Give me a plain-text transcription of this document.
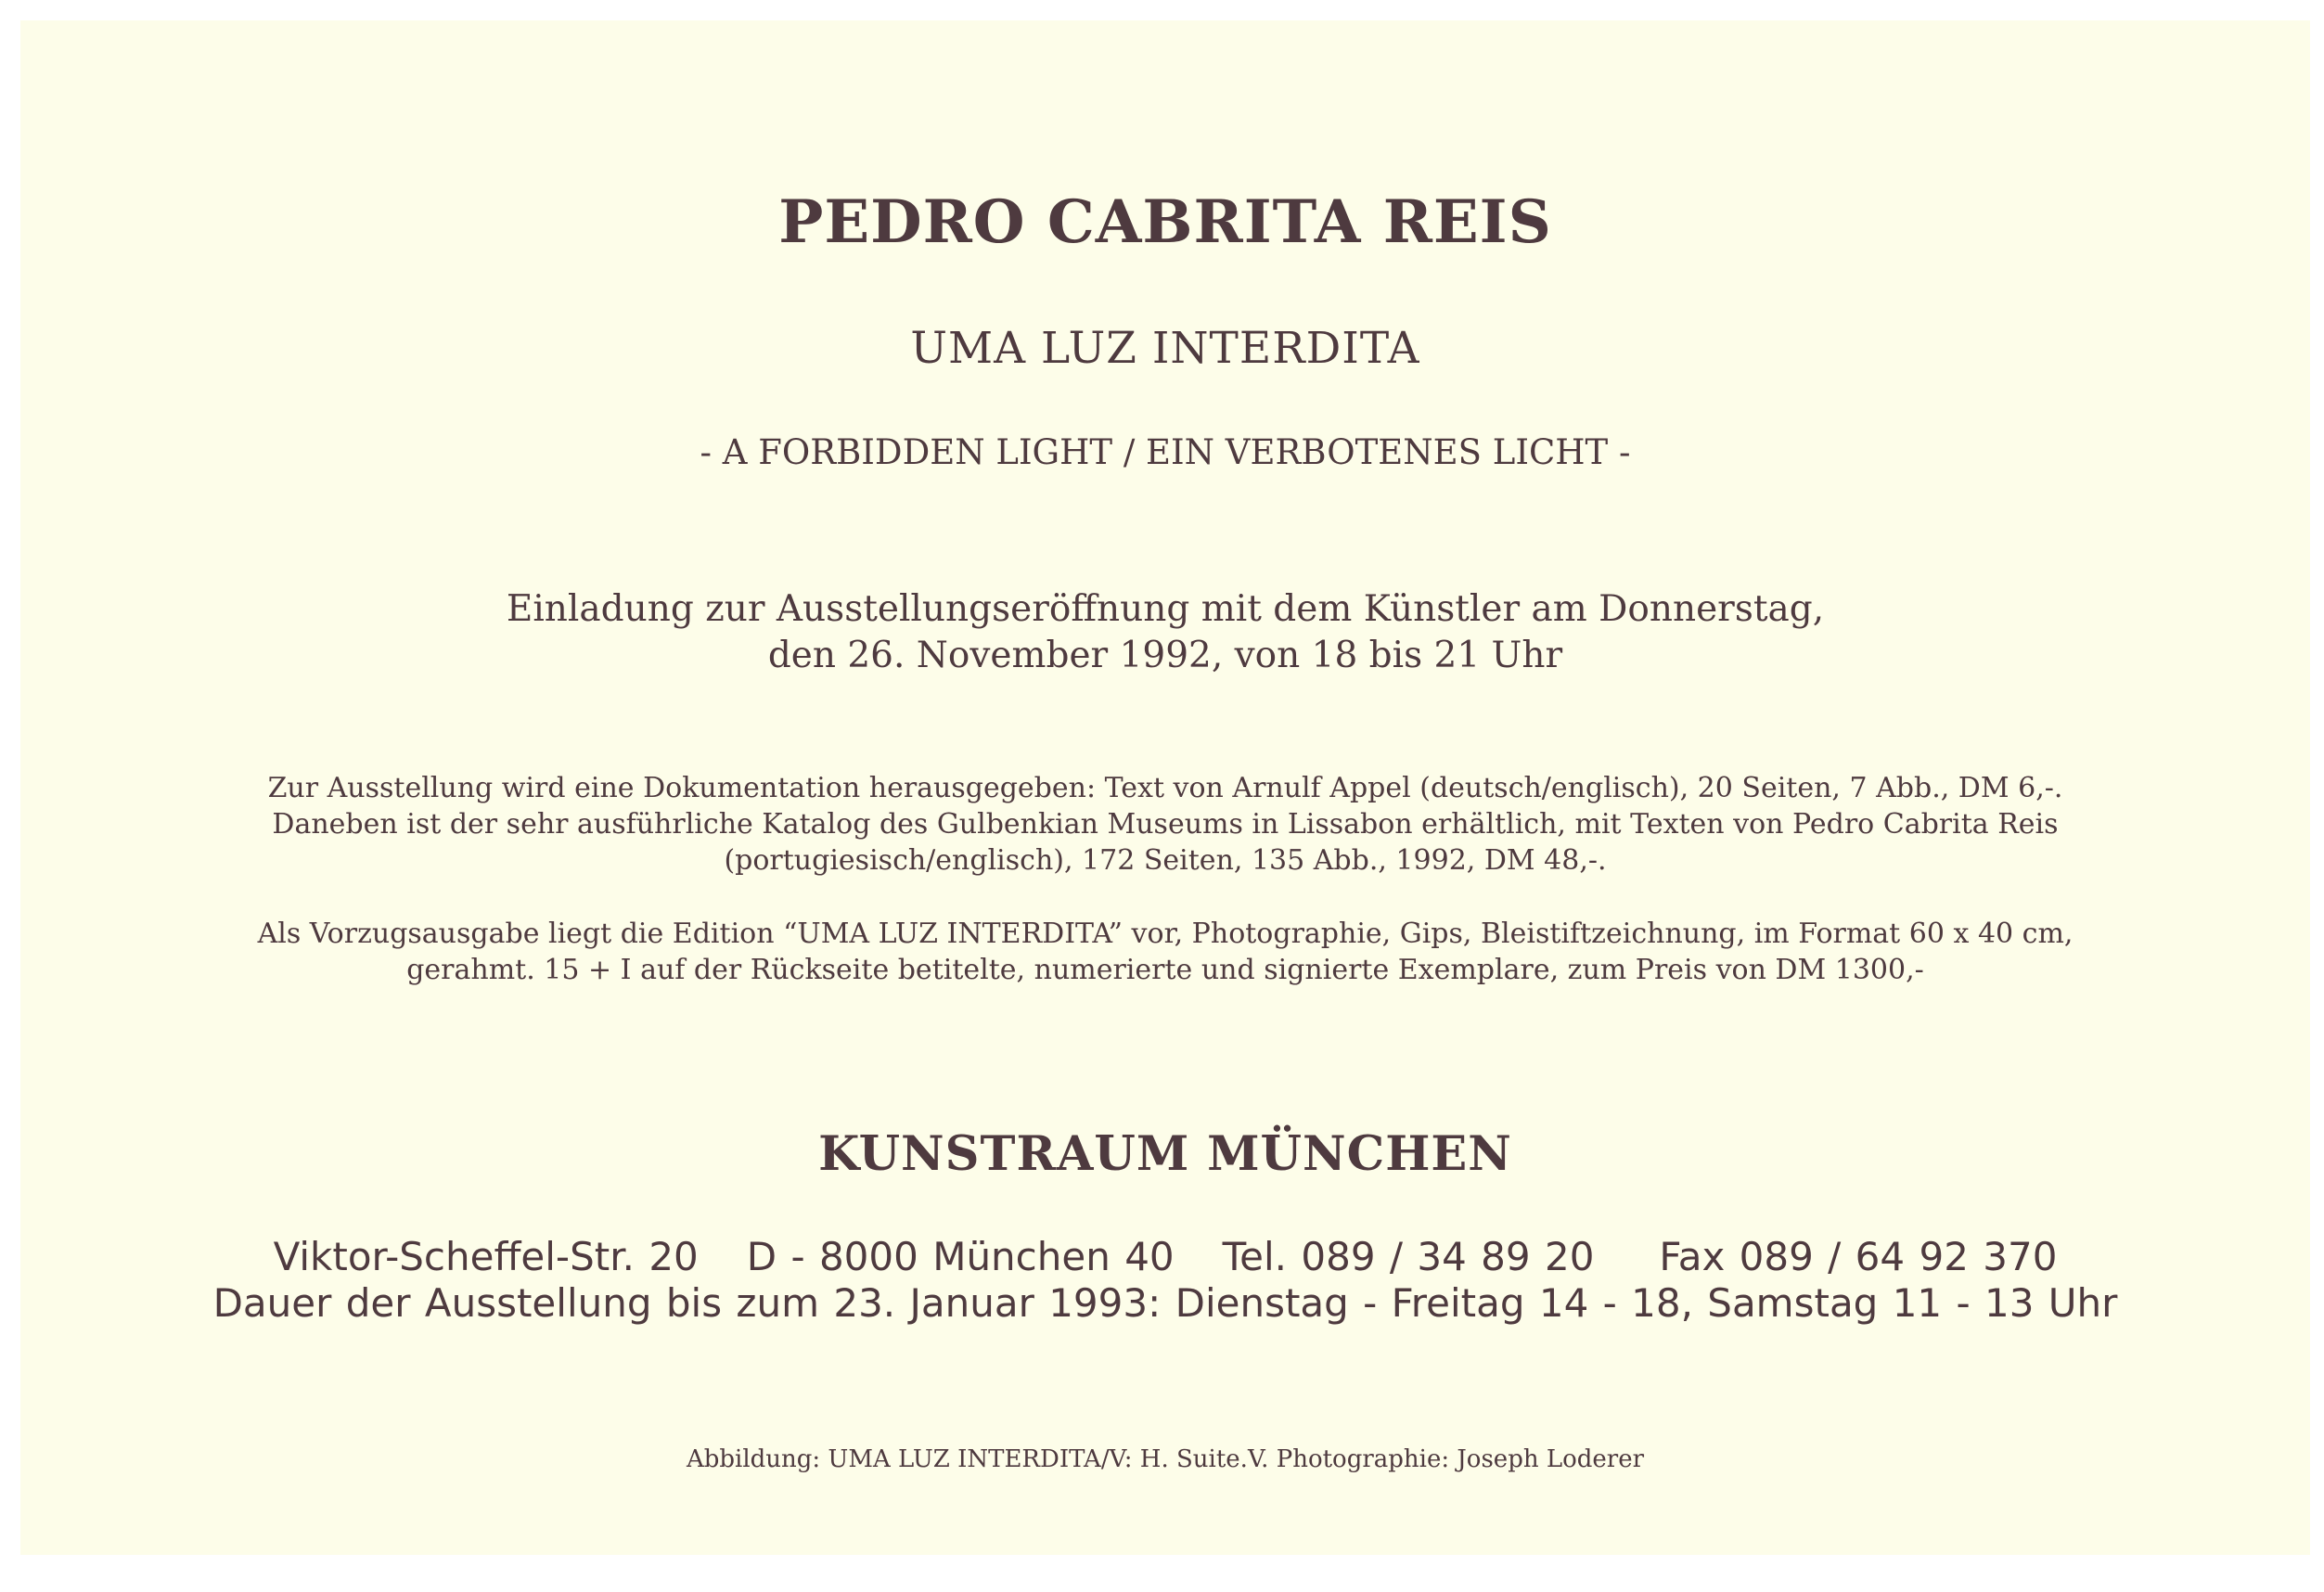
PEDRO CABRITA REIS
UMA LUZ INTERDITA

- A FORBIDDEN LIGHT / EIN VERBOTENES LICHT -

Einladung zur Ausstellungseröffnung mit dem Künstler am Donnerstag,
den 26. November 1992, von 18 bis 21 Uhr
Zur Ausstellung wird eine Dokumentation herausgegeben: Text von Arnulf Appel (deutsch/englisch), 20 Seiten, 7 Abb., DM 6,-.
Daneben ist der sehr ausführliche Katalog des Gulbenkian Museums in Lissabon erhältlich, mit Texten von Pedro Cabrita Reis
(portugiesisch/englisch), 172 Seiten, 135 Abb., 1992, DM 48,-.
Als Vorzugsausgabe liegt die Edition “UMA LUZ INTERDITA” vor, Photographie, Gips, Bleistiftzeichnung, im Format 60 x 40 cm,
gerahmt. 15 + I auf der Rückseite betitelte, numerierte und signierte Exemplare, zum Preis von DM 1300,-
KUNSTRAUM MÜNCHEN
Viktor-Scheffel-Str. 20 D - 8000 München 40 Tel. 089 / 34 89 20 Fax 089 / 64 92 370
Dauer der Ausstellung bis zum 23. Januar 1993: Dienstag - Freitag 14 - 18, Samstag 11 - 13 Uhr

Abbildung: UMA LUZ INTERDITA/V: H. Suite.V. Photographie: Joseph Loderer
